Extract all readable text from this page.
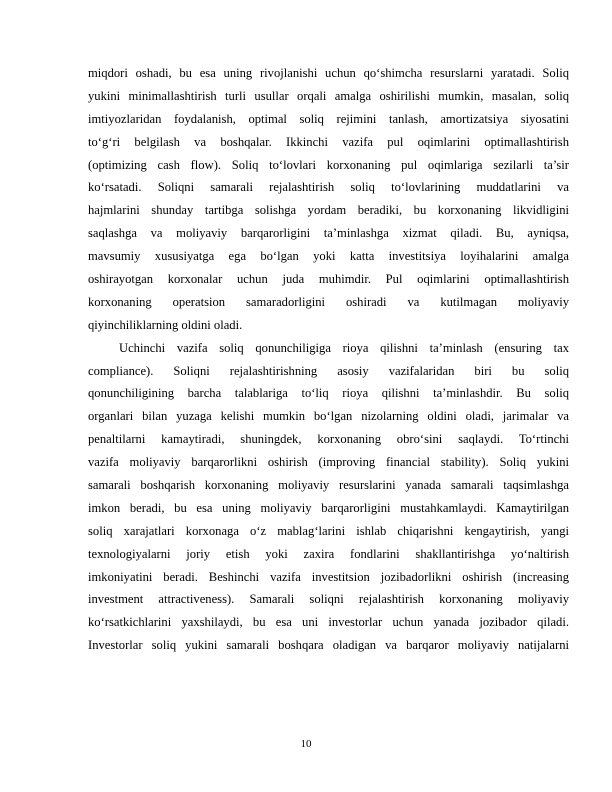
miqdori oshadi, bu esa uning rivojlanishi uchun qo‘shimcha resurslarni yaratadi. Soliq
yukini minimallashtirish turli usullar orqali amalga oshirilishi mumkin, masalan, soliq
imtiyozlaridan foydalanish, optimal soliq rejimini tanlash, amortizatsiya siyosatini
to‘g‘ri belgilash va boshqalar. Ikkinchi vazifa pul oqimlarini optimallashtirish
(optimizing cash flow). Soliq to‘lovlari korxonaning pul oqimlariga sezilarli ta’sir
ko‘rsatadi. Soliqni samarali rejalashtirish soliq to‘lovlarining muddatlarini va
hajmlarini shunday tartibga solishga yordam beradiki, bu korxonaning likvidligini
saqlashga va moliyaviy barqarorligini ta’minlashga xizmat qiladi. Bu, ayniqsa,
mavsumiy xususiyatga ega bo‘lgan yoki katta investitsiya loyihalarini amalga
oshirayotgan korxonalar uchun juda muhimdir. Pul oqimlarini optimallashtirish
korxonaning operatsion samaradorligini oshiradi va kutilmagan moliyaviy
qiyinchiliklarning oldini oladi.
Uchinchi vazifa soliq qonunchiligiga rioya qilishni ta’minlash (ensuring tax
compliance). Soliqni rejalashtirishning asosiy vazifalaridan biri bu soliq
qonunchiligining barcha talablariga to‘liq rioya qilishni ta’minlashdir. Bu soliq
organlari bilan yuzaga kelishi mumkin bo‘lgan nizolarning oldini oladi, jarimalar va
penaltilarni kamaytiradi, shuningdek, korxonaning obro‘sini saqlaydi. To‘rtinchi
vazifa moliyaviy barqarorlikni oshirish (improving financial stability). Soliq yukini
samarali boshqarish korxonaning moliyaviy resurslarini yanada samarali taqsimlashga
imkon beradi, bu esa uning moliyaviy barqarorligini mustahkamlaydi. Kamaytirilgan
soliq xarajatlari korxonaga o‘z mablag‘larini ishlab chiqarishni kengaytirish, yangi
texnologiyalarni joriy etish yoki zaxira fondlarini shakllantirishga yo‘naltirish
imkoniyatini beradi. Beshinchi vazifa investitsion jozibadorlikni oshirish (increasing
investment attractiveness). Samarali soliqni rejalashtirish korxonaning moliyaviy
ko‘rsatkichlarini yaxshilaydi, bu esa uni investorlar uchun yanada jozibador qiladi.
Investorlar soliq yukini samarali boshqara oladigan va barqaror moliyaviy natijalarni
10
